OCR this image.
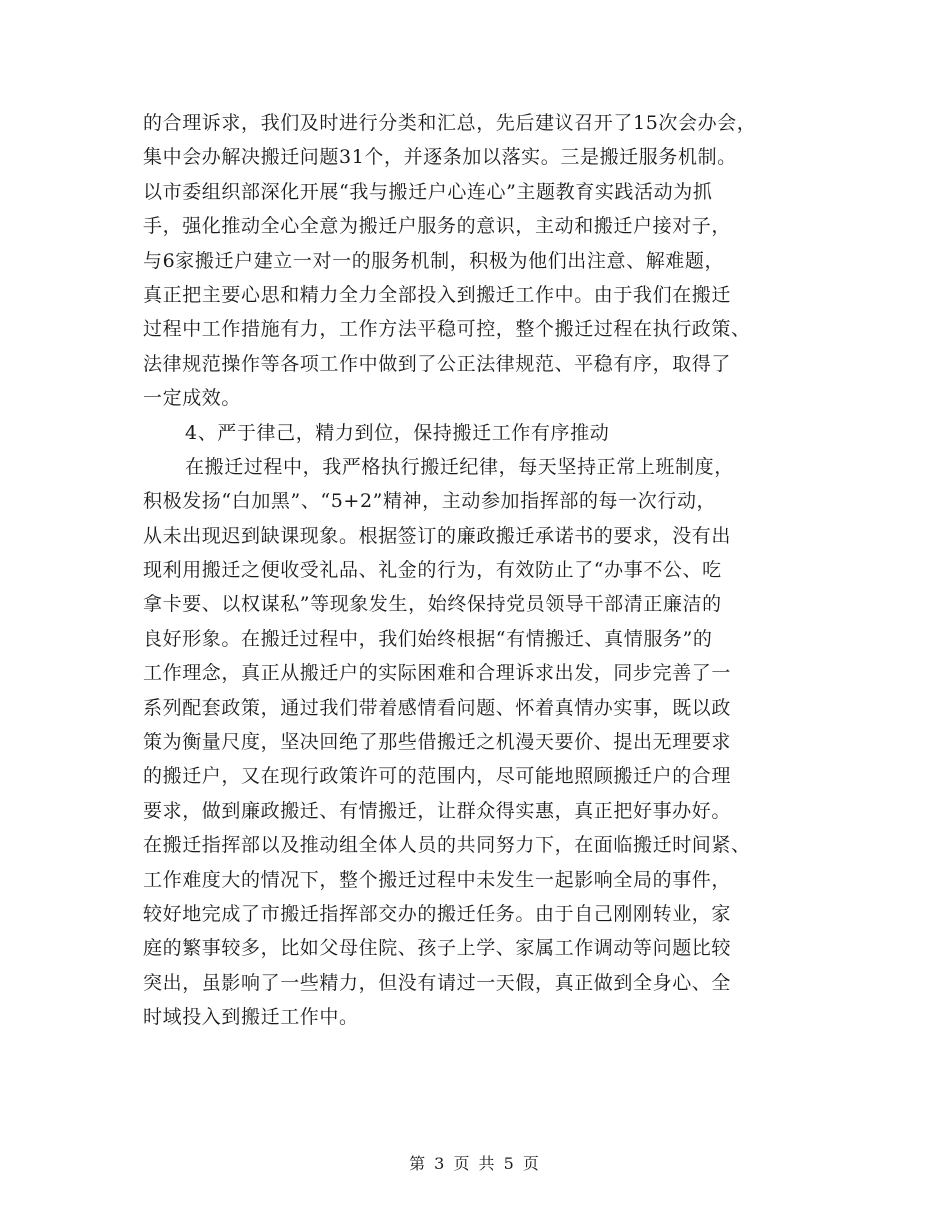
的合理诉求，我们及时进行分类和汇总，先后建议召开了15次会办会，
集中会办解决搬迁问题31个，并逐条加以落实。三是搬迁服务机制。
以市委组织部深化开展“我与搬迁户心连心”主题教育实践活动为抓
手，强化推动全心全意为搬迁户服务的意识，主动和搬迁户接对子，
与6家搬迁户建立一对一的服务机制，积极为他们出注意、解难题，
真正把主要心思和精力全力全部投入到搬迁工作中。由于我们在搬迁
过程中工作措施有力，工作方法平稳可控，整个搬迁过程在执行政策、
法律规范操作等各项工作中做到了公正法律规范、平稳有序，取得了
一定成效。
4、严于律己，精力到位，保持搬迁工作有序推动
在搬迁过程中，我严格执行搬迁纪律，每天坚持正常上班制度，
积极发扬“白加黑”、“5+2”精神，主动参加指挥部的每一次行动，
从未出现迟到缺课现象。根据签订的廉政搬迁承诺书的要求，没有出
现利用搬迁之便收受礼品、礼金的行为，有效防止了“办事不公、吃
拿卡要、以权谋私”等现象发生，始终保持党员领导干部清正廉洁的
良好形象。在搬迁过程中，我们始终根据“有情搬迁、真情服务”的
工作理念，真正从搬迁户的实际困难和合理诉求出发，同步完善了一
系列配套政策，通过我们带着感情看问题、怀着真情办实事，既以政
策为衡量尺度，坚决回绝了那些借搬迁之机漫天要价、提出无理要求
的搬迁户，又在现行政策许可的范围内，尽可能地照顾搬迁户的合理
要求，做到廉政搬迁、有情搬迁，让群众得实惠，真正把好事办好。
在搬迁指挥部以及推动组全体人员的共同努力下，在面临搬迁时间紧、
工作难度大的情况下，整个搬迁过程中未发生一起影响全局的事件，
较好地完成了市搬迁指挥部交办的搬迁任务。由于自己刚刚转业，家
庭的繁事较多，比如父母住院、孩子上学、家属工作调动等问题比较
突出，虽影响了一些精力，但没有请过一天假，真正做到全身心、全
时域投入到搬迁工作中。
第 3 页 共 5 页
